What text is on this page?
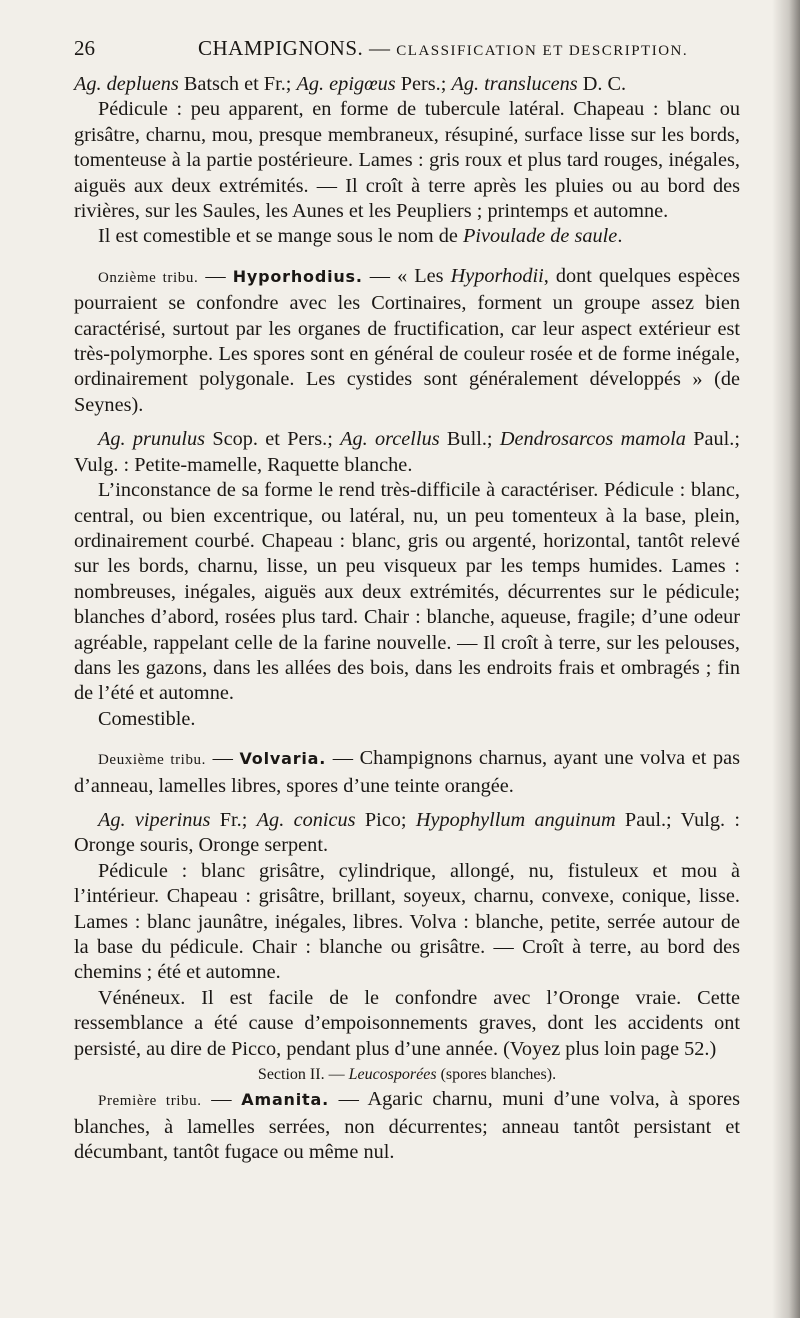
26	CHAMPIGNONS. — CLASSIFICATION ET DESCRIPTION.

Ag. depluens Batsch et Fr.; Ag. epigœus Pers.; Ag. translucens D. C.

Pédicule : peu apparent, en forme de tubercule latéral. Chapeau : blanc ou grisâtre, charnu, mou, presque membraneux, résupiné, surface lisse sur les bords, tomenteuse à la partie postérieure. Lames : gris roux et plus tard rouges, inégales, aiguës aux deux extrémités. — Il croît à terre après les pluies ou au bord des rivières, sur les Saules, les Aunes et les Peupliers ; printemps et automne.

Il est comestible et se mange sous le nom de Pivoulade de saule.

Onzième tribu. — Hyporhodius. — « Les Hyporhodii, dont quelques espèces pourraient se confondre avec les Cortinaires, forment un groupe assez bien caractérisé, surtout par les organes de fructification, car leur aspect extérieur est très-polymorphe. Les spores sont en général de couleur rosée et de forme inégale, ordinairement polygonale. Les cystides sont généralement développés » (de Seynes).

Ag. prunulus Scop. et Pers.; Ag. orcellus Bull.; Dendrosarcos mamola Paul.; Vulg. : Petite-mamelle, Raquette blanche.

L’inconstance de sa forme le rend très-difficile à caractériser. Pédicule : blanc, central, ou bien excentrique, ou latéral, nu, un peu tomenteux à la base, plein, ordinairement courbé. Chapeau : blanc, gris ou argenté, horizontal, tantôt relevé sur les bords, charnu, lisse, un peu visqueux par les temps humides. Lames : nombreuses, inégales, aiguës aux deux extrémités, décurrentes sur le pédicule; blanches d’abord, rosées plus tard. Chair : blanche, aqueuse, fragile; d’une odeur agréable, rappelant celle de la farine nouvelle. — Il croît à terre, sur les pelouses, dans les gazons, dans les allées des bois, dans les endroits frais et ombragés ; fin de l’été et automne.

Comestible.

Deuxième tribu. — Volvaria. — Champignons charnus, ayant une volva et pas d’anneau, lamelles libres, spores d’une teinte orangée.

Ag. viperinus Fr.; Ag. conicus Pico; Hypophyllum anguinum Paul.; Vulg. : Oronge souris, Oronge serpent.

Pédicule : blanc grisâtre, cylindrique, allongé, nu, fistuleux et mou à l’intérieur. Chapeau : grisâtre, brillant, soyeux, charnu, convexe, conique, lisse. Lames : blanc jaunâtre, inégales, libres. Volva : blanche, petite, serrée autour de la base du pédicule. Chair : blanche ou grisâtre. — Croît à terre, au bord des chemins ; été et automne.

Vénéneux. Il est facile de le confondre avec l’Oronge vraie. Cette ressemblance a été cause d’empoisonnements graves, dont les accidents ont persisté, au dire de Picco, pendant plus d’une année. (Voyez plus loin page 52.)

Section II. — Leucosporées (spores blanches).

Première tribu. — Amanita. — Agaric charnu, muni d’une volva, à spores blanches, à lamelles serrées, non décurrentes; anneau tantôt persistant et décumbant, tantôt fugace ou même nul.
